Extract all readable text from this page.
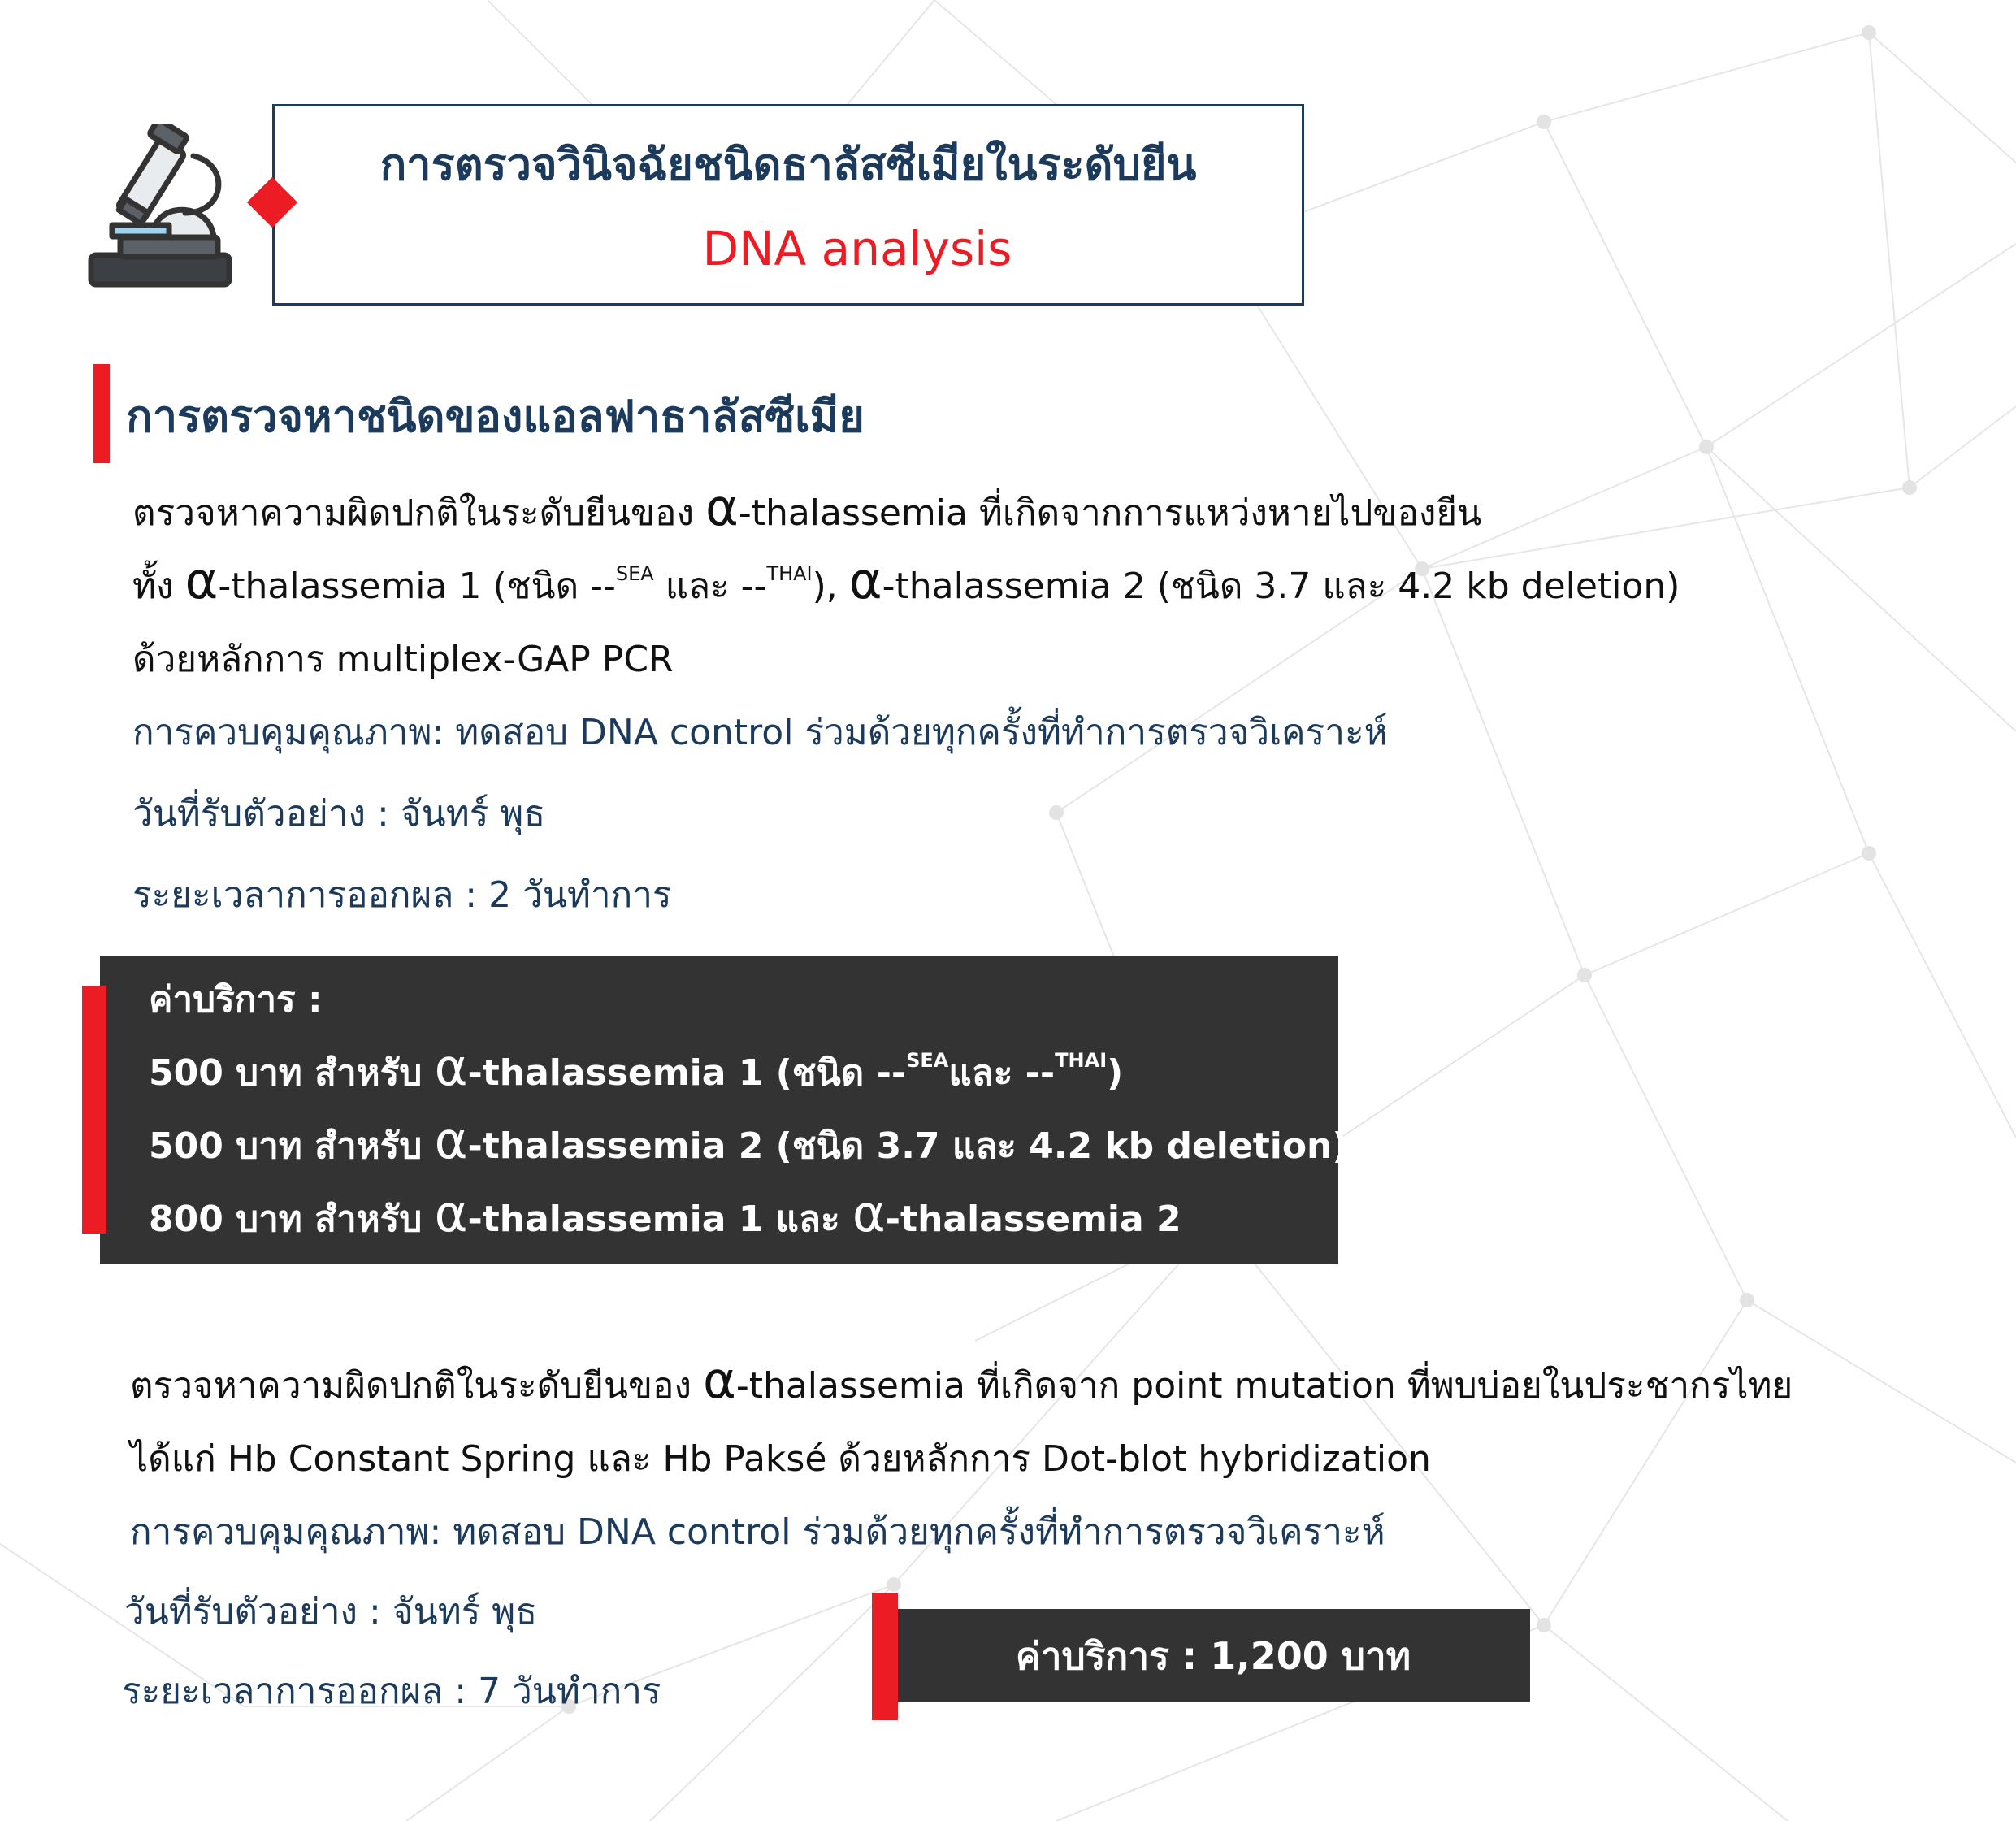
การตรวจวินิจฉัยชนิดธาลัสซีเมียในระดับยีน
DNA analysis
การตรวจหาชนิดของแอลฟาธาลัสซีเมีย
ตรวจหาความผิดปกติในระดับยีนของ α-thalassemia ที่เกิดจากการแหว่งหายไปของยีน
ทั้ง α-thalassemia 1 (ชนิด --$^{SEA}$ และ --$^{THAI}$), α-thalassemia 2 (ชนิด 3.7 และ 4.2 kb deletion)
ด้วยหลักการ multiplex-GAP PCR
การควบคุมคุณภาพ: ทดสอบ DNA control ร่วมด้วยทุกครั้งที่ทำการตรวจวิเคราะห์
วันที่รับตัวอย่าง : จันทร์ พุธ
ระยะเวลาการออกผล : 2 วันทำการ
ค่าบริการ :
500 บาท สำหรับ α-thalassemia 1 (ชนิด --$^{SEA}$และ --$^{THAI}$)
500 บาท สำหรับ α-thalassemia 2 (ชนิด 3.7 และ 4.2 kb deletion)
800 บาท สำหรับ α-thalassemia 1 และ α-thalassemia 2
ตรวจหาความผิดปกติในระดับยีนของ α-thalassemia ที่เกิดจาก point mutation ที่พบบ่อยในประชากรไทย
ได้แก่ Hb Constant Spring และ Hb Paksé ด้วยหลักการ Dot-blot hybridization
การควบคุมคุณภาพ: ทดสอบ DNA control ร่วมด้วยทุกครั้งที่ทำการตรวจวิเคราะห์
วันที่รับตัวอย่าง : จันทร์ พุธ
ระยะเวลาการออกผล : 7 วันทำการ
ค่าบริการ : 1,200 บาท
